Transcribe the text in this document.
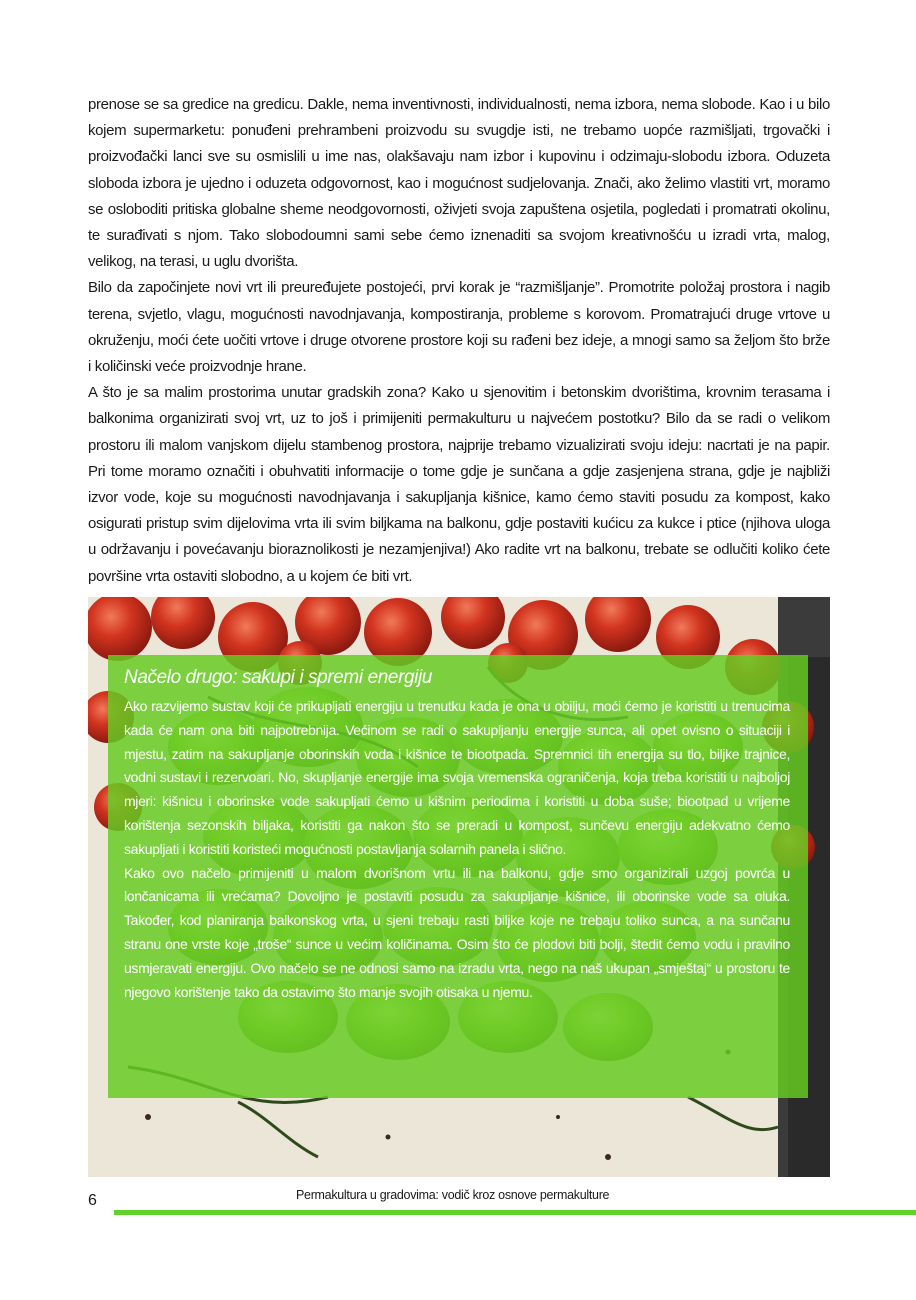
prenose se sa gredice na gredicu. Dakle, nema inventivnosti, individualnosti, nema izbora, nema slobode. Kao i u bilo kojem supermarketu: ponuđeni prehrambeni proizvodu su svugdje isti, ne trebamo uopće razmišljati, trgovački i proizvođački lanci sve su osmislili u ime nas, olakšavaju nam izbor i kupovinu i odzimaju-slobodu izbora. Oduzeta sloboda izbora je ujedno i oduzeta odgovornost, kao i mogućnost sudjelovanja. Znači, ako želimo vlastiti vrt, moramo se osloboditi pritiska globalne sheme neodgovornosti, oživjeti svoja zapuštena osjetila, pogledati i promatrati okolinu, te surađivati s njom. Tako slobodoumni sami sebe ćemo iznenaditi sa svojom kreativnošću u izradi vrta, malog, velikog, na terasi, u uglu dvorišta.

Bilo da započinjete novi vrt ili preuređujete postojeći, prvi korak je “razmišljanje”. Promotrite položaj prostora i nagib terena, svjetlo, vlagu, mogućnosti navodnjavanja, kompostiranja, probleme s korovom. Promatrajući druge vrtove u okruženju, moći ćete uočiti vrtove i druge otvorene prostore koji su rađeni bez ideje, a mnogi samo sa željom što brže i količinski veće proizvodnje hrane.

A što je sa malim prostorima unutar gradskih zona? Kako u sjenovitim i betonskim dvorištima, krovnim terasama i balkonima organizirati svoj vrt, uz to još i primijeniti permakulturu u najvećem postotku? Bilo da se radi o velikom prostoru ili malom vanjskom dijelu stambenog prostora, najprije trebamo vizualizirati svoju ideju: nacrtati je na papir. Pri tome moramo označiti i obuhvatiti informacije o tome gdje je sunčana a gdje zasjenjena strana, gdje je najbliži izvor vode, koje su mogućnosti navodnjavanja i sakupljanja kišnice, kamo ćemo staviti posudu za kompost, kako osigurati pristup svim dijelovima vrta ili svim biljkama na balkonu, gdje postaviti kućicu za kukce i ptice (njihova uloga u održavanju i povećavanju bioraznolikosti je nezamjenjiva!) Ako radite vrt na balkonu, trebate se odlučiti koliko ćete površine vrta ostaviti slobodno, a u kojem će biti vrt.

Načelo drugo: sakupi i spremi energiju

Ako razvijemo sustav koji će prikupljati energiju u trenutku kada je ona u obilju, moći ćemo je koristiti u trenucima kada će nam ona biti najpotrebnija. Većinom se radi o sakupljanju energije sunca, ali opet ovisno o situaciji i mjestu, zatim na sakupljanje oborinskih voda i kišnice te biootpada. Spremnici tih energija su tlo, biljke trajnice, vodni sustavi i rezervoari. No, skupljanje energije ima svoja vremenska ograničenja, koja treba koristiti u najboljoj mjeri: kišnicu i oborinske vode sakupljati ćemo u kišnim periodima i koristiti u doba suše; biootpad u vrijeme korištenja sezonskih biljaka, koristiti ga nakon što se preradi u kompost, sunčevu energiju adekvatno ćemo sakupljati i koristiti koristeći mogućnosti postavljanja solarnih panela i slično.

Kako ovo načelo primijeniti u malom dvorišnom vrtu ili na balkonu, gdje smo organizirali uzgoj povrća u lončanicama ili vrećama? Dovoljno je postaviti posudu za sakupljanje kišnice, ili oborinske vode sa oluka. Također, kod planiranja balkonskog vrta, u sjeni trebaju rasti biljke koje ne trebaju toliko sunca, a na sunčanu stranu one vrste koje „troše“ sunce u većim količinama. Osim što će plodovi biti bolji, štedit ćemo vodu i pravilno usmjeravati energiju. Ovo načelo se ne odnosi samo na izradu vrta, nego na naš ukupan „smještaj“ u prostoru te njegovo korištenje tako da ostavimo što manje svojih otisaka u njemu.

6	Permakultura u gradovima: vodič kroz osnove permakulture
